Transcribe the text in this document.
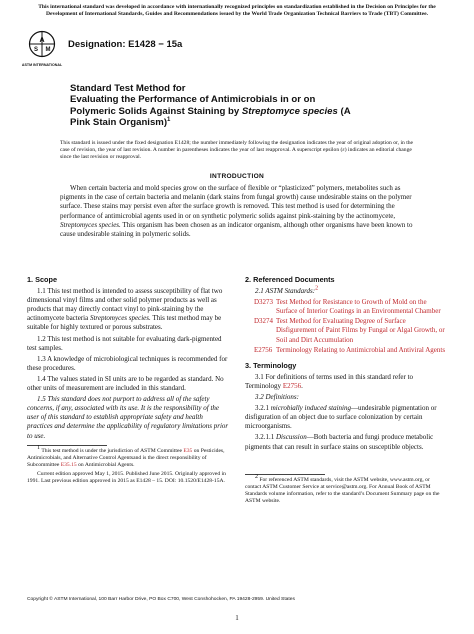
This international standard was developed in accordance with internationally recognized principles on standardization established in the Decision on Principles for the Development of International Standards, Guides and Recommendations issued by the World Trade Organization Technical Barriers to Trade (TBT) Committee.
A
S M
ASTM INTERNATIONAL
Designation: E1428 − 15a
Standard Test Method for
Evaluating the Performance of Antimicrobials in or on
Polymeric Solids Against Staining by Streptomyce species (A
Pink Stain Organism)$^1$
This standard is issued under the fixed designation E1428; the number immediately following the designation indicates the year of original adoption or, in the case of revision, the year of last revision. A number in parentheses indicates the year of last reapproval. A superscript epsilon (ε) indicates an editorial change since the last revision or reapproval.
INTRODUCTION

When certain bacteria and mold species grow on the surface of flexible or “plasticized” polymers, metabolites such as pigments in the case of certain bacteria and melanin (dark stains from fungal growth) cause undesirable stains on the polymer surface. These stains may persist even after the surface growth is removed. This test method is used for determining the performance of antimicrobial agents used in or on synthetic polymeric solids against pink-staining by the actinomycete, Streptomyces species. This organism has been chosen as an indicator organism, although other organisms have been known to cause undesirable staining in polymeric solids.

1. Scope

1.1 This test method is intended to assess susceptibility of flat two dimensional vinyl films and other solid polymer products as well as products that may directly contact vinyl to pink-staining by the actinomycete bacteria Streptomyces species. This test method may be suitable for highly textured or porous substrates.

1.2 This test method is not suitable for evaluating dark-pigmented test samples.

1.3 A knowledge of microbiological techniques is recommended for these procedures.

1.4 The values stated in SI units are to be regarded as standard. No other units of measurement are included in this standard.

1.5 This standard does not purport to address all of the safety concerns, if any, associated with its use. It is the responsibility of the user of this standard to establish appropriate safety and health practices and determine the applicability of regulatory limitations prior to use.

1 This test method is under the jurisdiction of ASTM Committee E35 on Pesticides, Antimicrobials, and Alternative Control Agentsand is the direct responsibility of Subcommittee E35.15 on Antimicrobial Agents.

Current edition approved May 1, 2015. Published June 2015. Originally approved in 1991. Last previous edition approved in 2015 as E1428 – 15. DOI: 10.1520/E1428-15A.

2. Referenced Documents

2.1 ASTM Standards:2

D3273 Test Method for Resistance to Growth of Mold on the Surface of Interior Coatings in an Environmental Chamber
D3274 Test Method for Evaluating Degree of Surface Disfigurement of Paint Films by Fungal or Algal Growth, or Soil and Dirt Accumulation
E2756 Terminology Relating to Antimicrobial and Antiviral Agents
3. Terminology

3.1 For definitions of terms used in this standard refer to Terminology E2756.

3.2 Definitions:

3.2.1 microbially induced staining—undesirable pigmentation or disfiguration of an object due to surface colonization by certain microorganisms.

3.2.1.1 Discussion—Both bacteria and fungi produce metabolic pigments that can result in surface stains on susceptible objects.

2 For referenced ASTM standards, visit the ASTM website, www.astm.org, or contact ASTM Customer Service at service@astm.org. For Annual Book of ASTM Standards volume information, refer to the standard’s Document Summary page on the ASTM website.

Copyright © ASTM International, 100 Barr Harbor Drive, PO Box C700, West Conshohocken, PA 19428-2959. United States
1
